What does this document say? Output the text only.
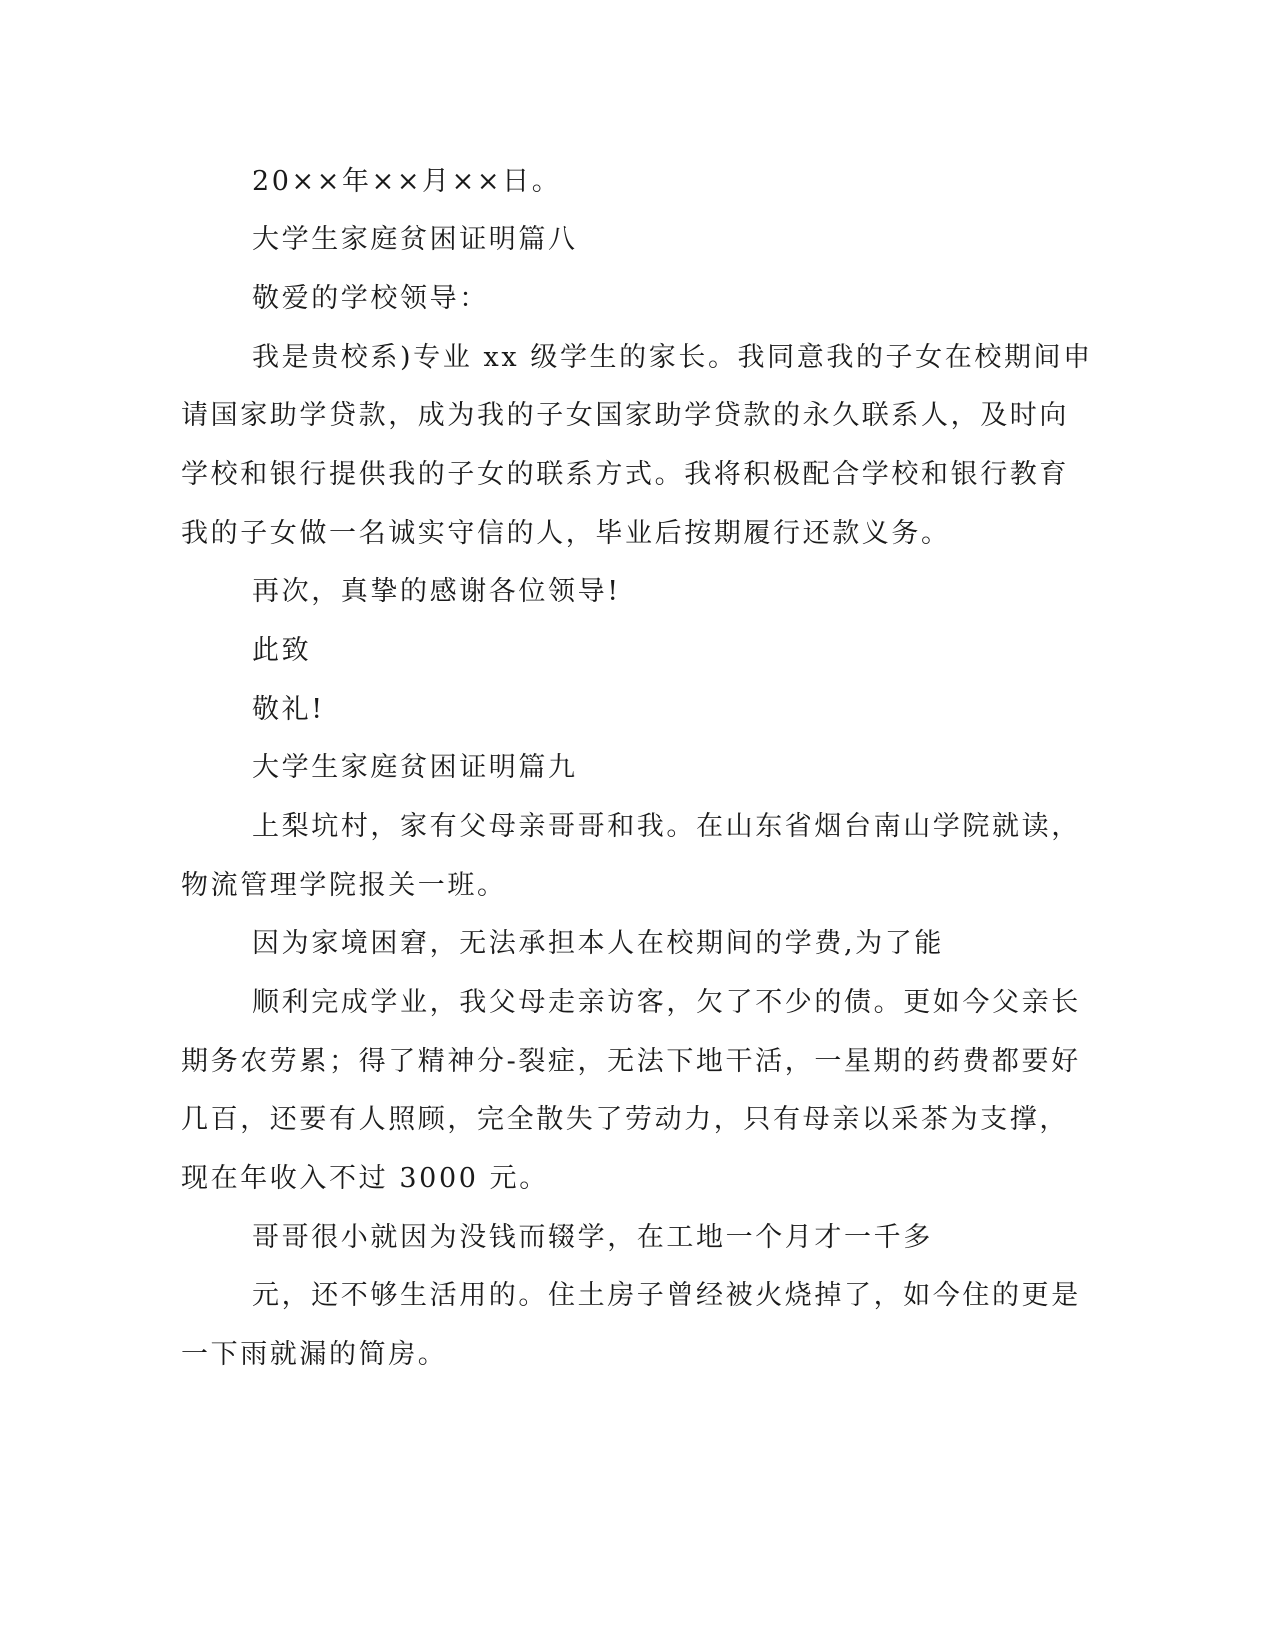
20××年××月××日。
大学生家庭贫困证明篇八
敬爱的学校领导：
我是贵校系)专业 xx 级学生的家长。我同意我的子女在校期间申
请国家助学贷款，成为我的子女国家助学贷款的永久联系人，及时向
学校和银行提供我的子女的联系方式。我将积极配合学校和银行教育
我的子女做一名诚实守信的人，毕业后按期履行还款义务。
再次，真挚的感谢各位领导!
此致
敬礼!
大学生家庭贫困证明篇九
上梨坑村，家有父母亲哥哥和我。在山东省烟台南山学院就读，
物流管理学院报关一班。
因为家境困窘，无法承担本人在校期间的学费,为了能
顺利完成学业，我父母走亲访客，欠了不少的债。更如今父亲长
期务农劳累；得了精神分-裂症，无法下地干活，一星期的药费都要好
几百，还要有人照顾，完全散失了劳动力，只有母亲以采茶为支撑，
现在年收入不过 3000 元。
哥哥很小就因为没钱而辍学，在工地一个月才一千多
元，还不够生活用的。住土房子曾经被火烧掉了，如今住的更是
一下雨就漏的简房。
